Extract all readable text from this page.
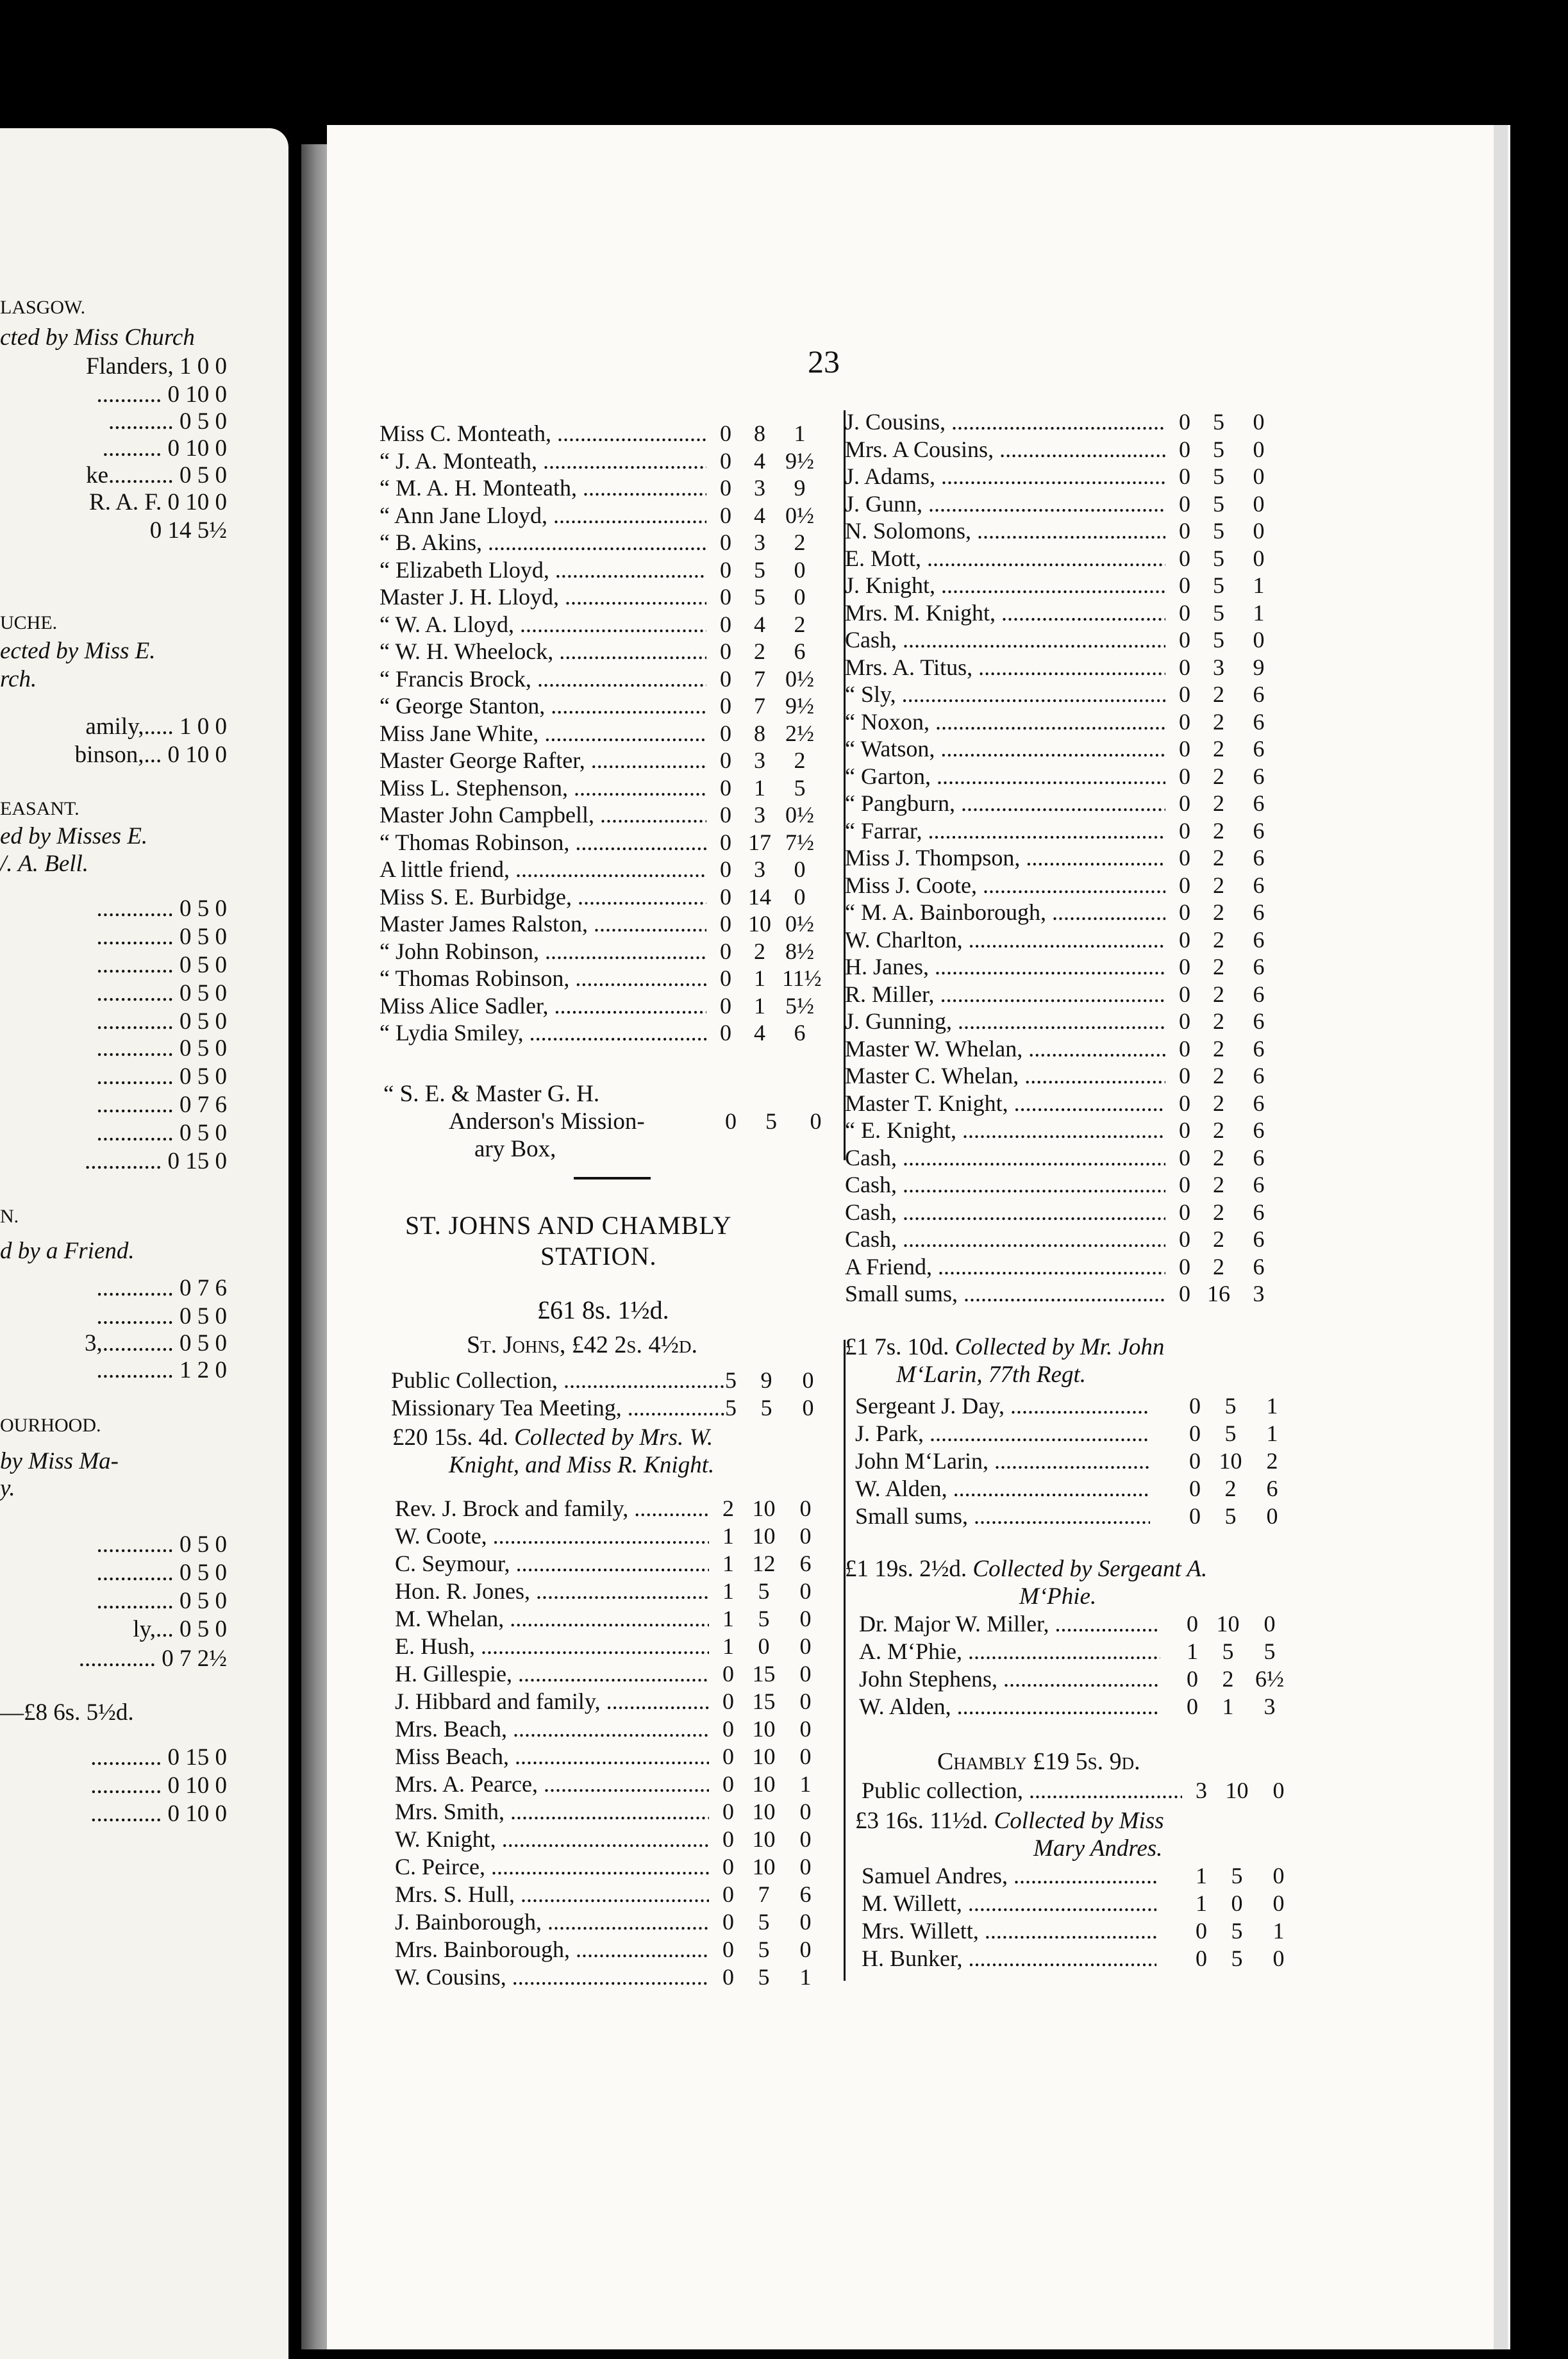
LASGOW.
cted by Miss Church
Flanders, 1 0 0
........... 0 10 0
........... 0 5 0
.......... 0 10 0
ke........... 0 5 0
R. A. F. 0 10 0
0 14 5½
UCHE.
ected by Miss E.
rch.
amily,..... 1 0 0
binson,... 0 10 0
EASANT.
ed by Misses E.
/. A. Bell.
............. 0 5 0
............. 0 5 0
............. 0 5 0
............. 0 5 0
............. 0 5 0
............. 0 5 0
............. 0 5 0
............. 0 7 6
............. 0 5 0
............. 0 15 0
N.
d by a Friend.
............. 0 7 6
............. 0 5 0
3,............ 0 5 0
............. 1 2 0
OURHOOD.
by Miss Ma-
y.
............. 0 5 0
............. 0 5 0
............. 0 5 0
ly,... 0 5 0
............. 0 7 2½
—£8 6s. 5½d.
............ 0 15 0
............ 0 10 0
............ 0 10 0
23
“ S. E. & Master G. H.
Anderson's Mission-
ary Box,
0	5	0
ST. JOHNS AND CHAMBLY
STATION.
£61 8s. 1½d.
St. Johns, £42 2s. 4½d.
£20 15s. 4d. Collected by Mrs. W.
Knight, and Miss R. Knight.
£1 7s. 10d. Collected by Mr. John
M‘Larin, 77th Regt.
£1 19s. 2½d. Collected by Sergeant A.
M‘Phie.
Chambly £19 5s. 9d.
£3 16s. 11½d. Collected by Miss
Mary Andres.
Miss C. Monteath, .....	0 8	1
“ J. A. Monteath, .....	0 4 9½
“ M. A. H. Monteath, .....	0 3	9
“ Ann Jane Lloyd, .....	0 4 0½
“ B. Akins, .....	0 3	2
“ Elizabeth Lloyd, .....	0 5	0
Master J. H. Lloyd, .....	0 5	0
“ W. A. Lloyd, .....	0 4	2
“ W. H. Wheelock, .....	0 2	6
“ Francis Brock, .....	0 7 0½
“ George Stanton, .....	0 7 9½
Miss Jane White, .....	0 8 2½
Master George Rafter, .....	0 3	2
Miss L. Stephenson, .....	0 1	5
Master John Campbell, .....	0 3 0½
“ Thomas Robinson, .....	0 17 7½
A little friend, .....	0 3	0
Miss S. E. Burbidge, .....	0 14 0
Master James Ralston, .....	0 10 0½
“ John Robinson, .....	0 2 8½
“ Thomas Robinson, .....	0 1 11½
Miss Alice Sadler, .....	0 1 5½
“ Lydia Smiley, .....	0 4	6
Public Collection, .....	5	9	0
Missionary Tea Meeting, .....	5	5	0
Rev. J. Brock and family, .....	2 10	0
W. Coote, .....	1 10	0
C. Seymour, .....	1 12	6
Hon. R. Jones, .....	1	5	0
M. Whelan, .....	1	5	0
E. Hush, .....	1	0	0
H. Gillespie, .....	0 15	0
J. Hibbard and family, .....	0 15	0
Mrs. Beach, .....	0 10	0
Miss Beach, .....	0 10	0
Mrs. A. Pearce, .....	0 10	1
Mrs. Smith, .....	0 10	0
W. Knight, .....	0 10	0
C. Peirce, .....	0 10	0
Mrs. S. Hull, .....	0	7	6
J. Bainborough, .....	0	5	0
Mrs. Bainborough, .....	0	5	0
W. Cousins, .....	0	5	1
J. Cousins, .....	0 5	0
Mrs. A Cousins, .....	0 5	0
J. Adams, .....	0 5	0
J. Gunn, .....	0 5	0
N. Solomons, .....	0 5	0
E. Mott, .....	0 5	0
J. Knight, .....	0 5	1
Mrs. M. Knight, .....	0 5	1
Cash, .....	0 5	0
Mrs. A. Titus, .....	0 3	9
“ Sly, .....	0 2	6
“ Noxon, .....	0 2	6
“ Watson, .....	0 2	6
“ Garton, .....	0 2	6
“ Pangburn, .....	0 2	6
“ Farrar, .....	0 2	6
Miss J. Thompson, .....	0 2	6
Miss J. Coote, .....	0 2	6
“ M. A. Bainborough, .....	0 2	6
W. Charlton, .....	0 2	6
H. Janes, .....	0 2	6
R. Miller, .....	0 2	6
J. Gunning, .....	0 2	6
Master W. Whelan, .....	0 2	6
Master C. Whelan, .....	0 2	6
Master T. Knight, .....	0 2	6
“ E. Knight, .....	0 2	6
Cash, .....	0 2	6
Cash, .....	0 2	6
Cash, .....	0 2	6
Cash, .....	0 2	6
A Friend, .....	0 2	6
Small sums, .....	0 16 3
Sergeant J. Day, .....	0	5	1
J. Park, .....	0	5	1
John M‘Larin, .....	0 10	2
W. Alden, .....	0	2	6
Small sums, .....	0	5	0
Dr. Major W. Miller, .....	0 10	0
A. M‘Phie, .....	1	5	5
John Stephens, .....	0	2 6½
W. Alden, .....	0	1	3
Samuel Andres, .....	1	5	0
M. Willett, .....	1	0	0
Mrs. Willett, .....	0	5	1
H. Bunker, .....	0	5	0
Public collection, .....	3 10	0
